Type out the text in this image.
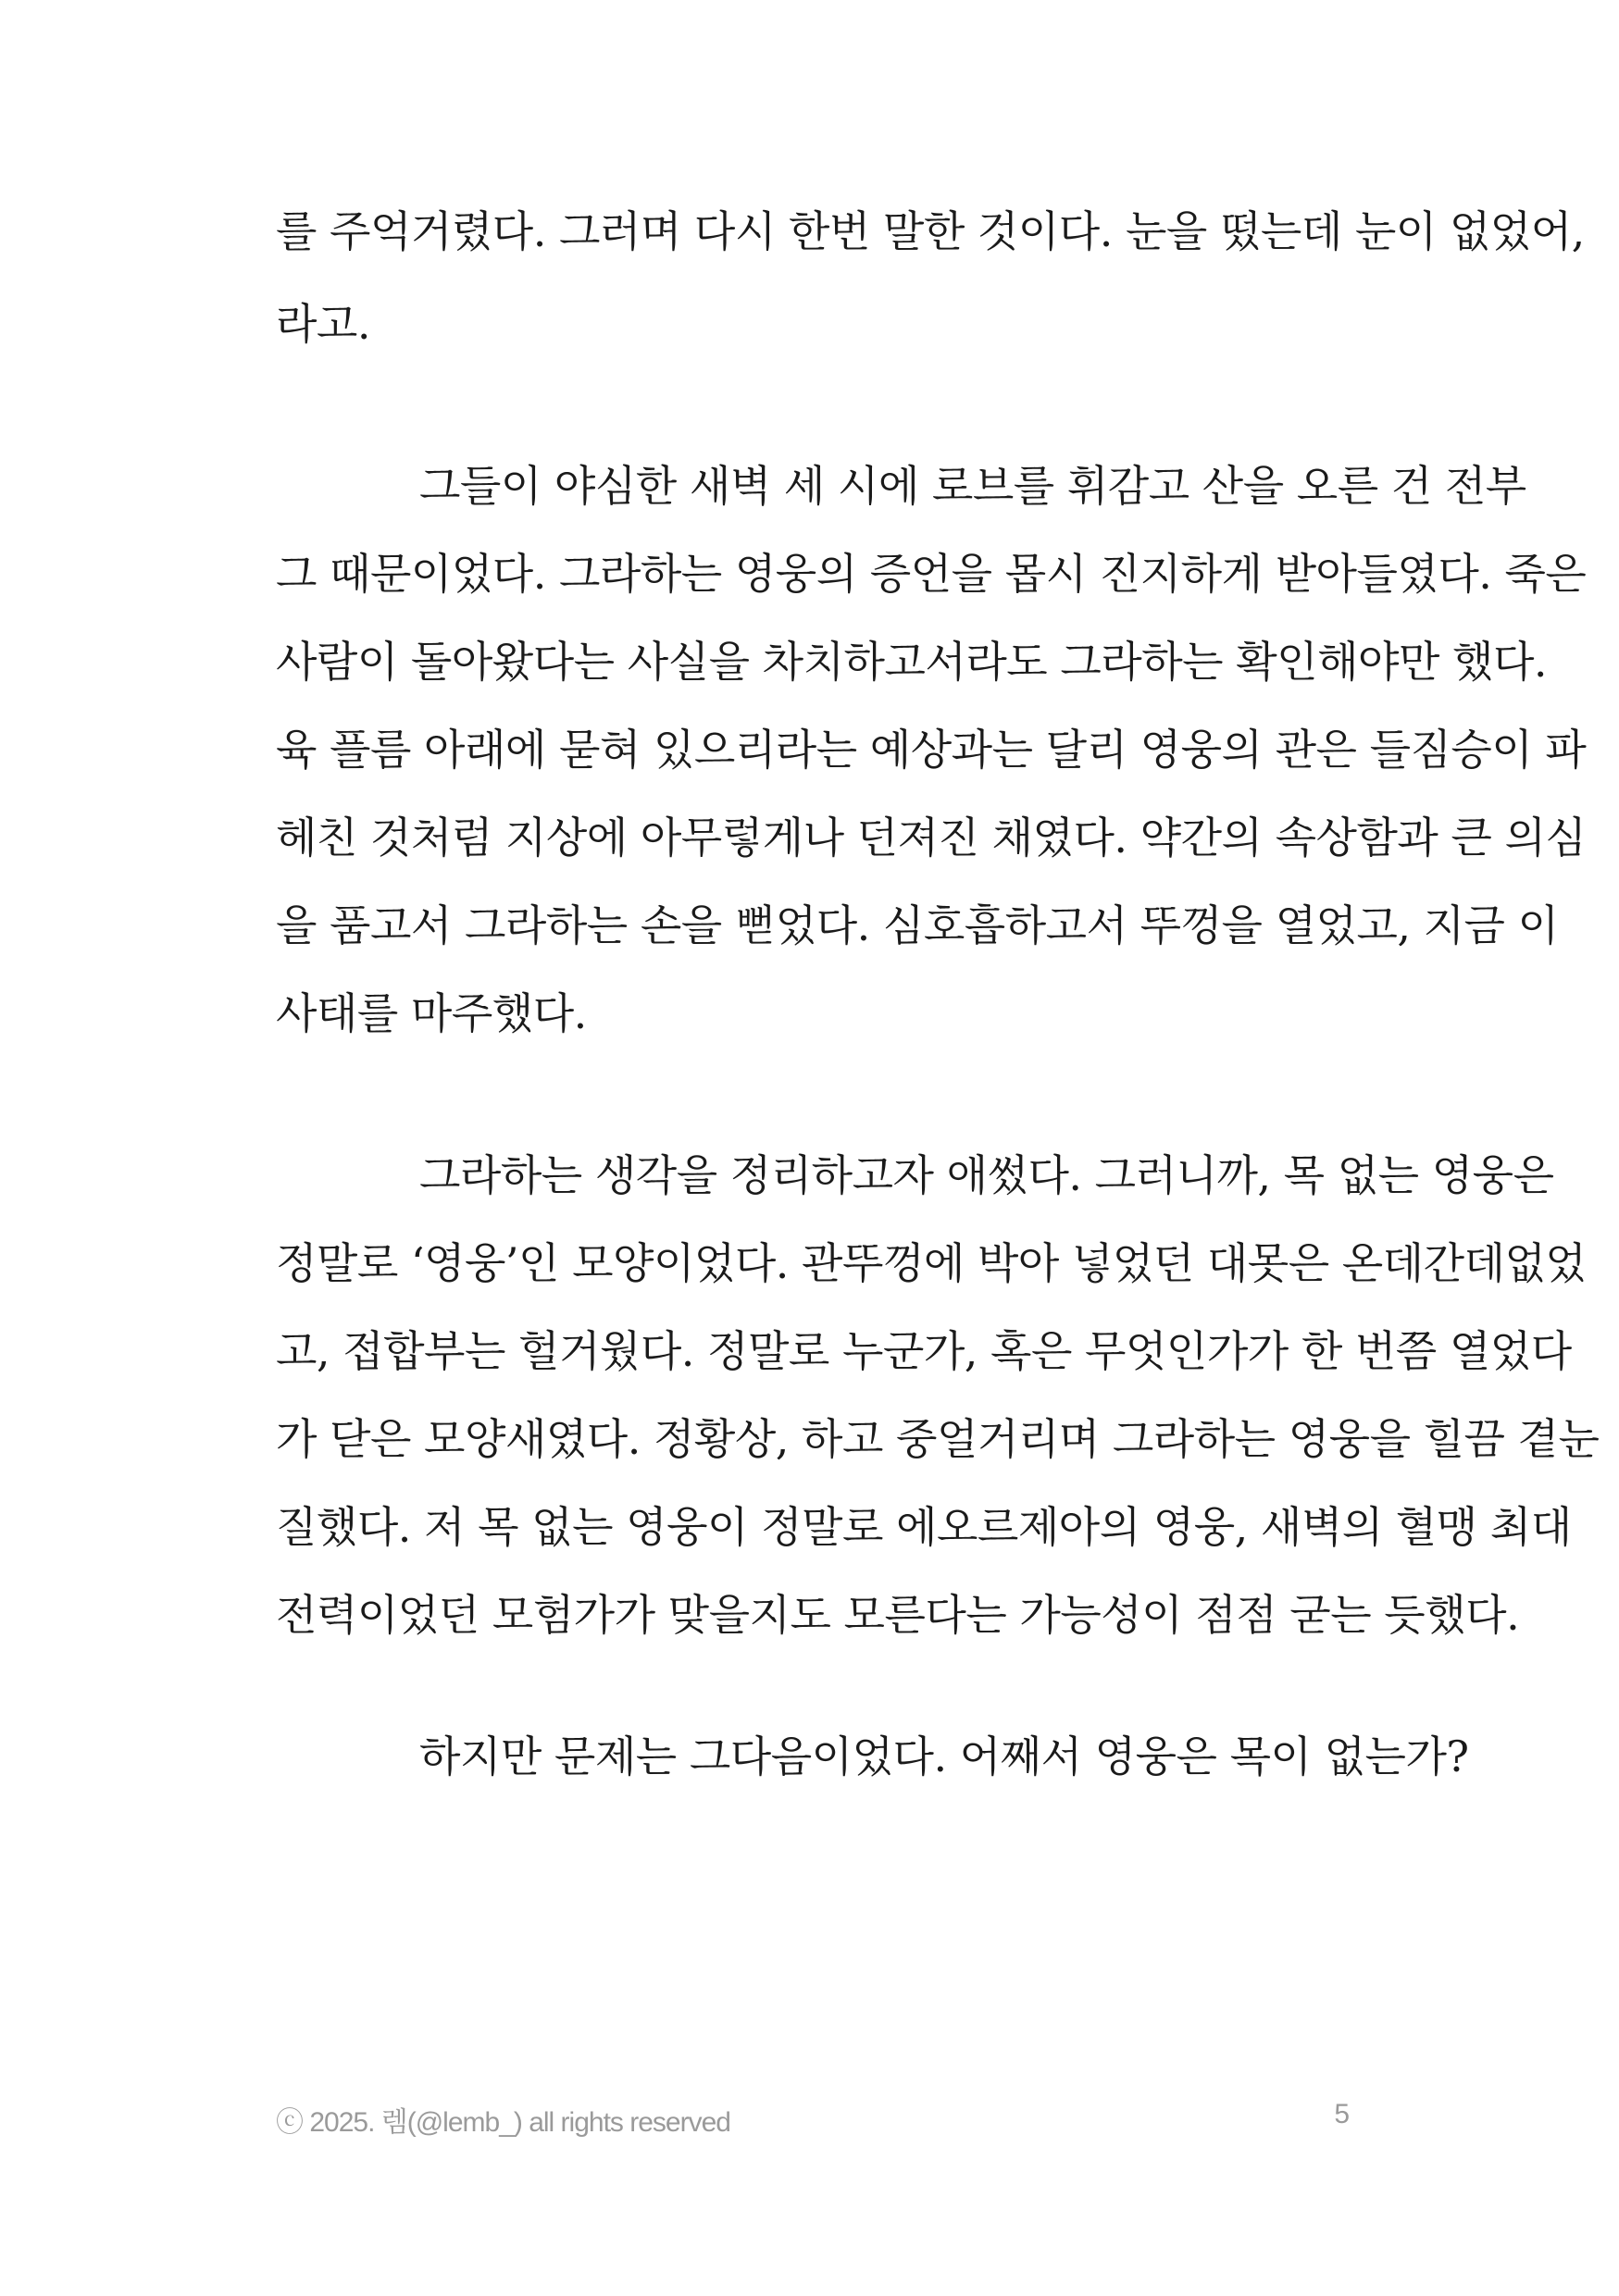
를 주억거렸다. 그러며 다시 한번 말한 것이다. 눈을 떴는데 눈이 없었어,
라고.
그들이 야심한 새벽 세 시에 로브를 휘감고 산을 오른 건 전부
그 때문이었다. 그라하는 영웅의 증언을 몹시 진지하게 받아들였다. 죽은
사람이 돌아왔다는 사실을 차치하고서라도 그라하는 확인해야만 했다.
육 플름 아래에 묻혀 있으리라는 예상과는 달리 영웅의 관은 들짐승이 파
헤친 것처럼 지상에 아무렇게나 던져진 채였다. 약간의 속상함과 큰 의심
을 품고서 그라하는 손을 뻗었다. 심호흡하고서 뚜껑을 열었고, 지금 이
사태를 마주했다.
그라하는 생각을 정리하고자 애썼다. 그러니까, 목 없는 영웅은
정말로 ‘영웅’인 모양이었다. 관뚜껑에 박아 넣었던 대못은 온데간데없었
고, 접합부는 헐거웠다. 정말로 누군가, 혹은 무엇인가가 한 번쯤 열었다
가 닫은 모양새였다. 정황상, 하고 중얼거리며 그라하는 영웅을 힐끔 곁눈
질했다. 저 목 없는 영웅이 정말로 에오르제아의 영웅, 새벽의 혈맹 최대
전력이었던 모험가가 맞을지도 모른다는 가능성이 점점 굳는 듯했다.
하지만 문제는 그다음이었다. 어째서 영웅은 목이 없는가?
ⓒ 2025. 렘(@lemb_) all rights reserved	5
